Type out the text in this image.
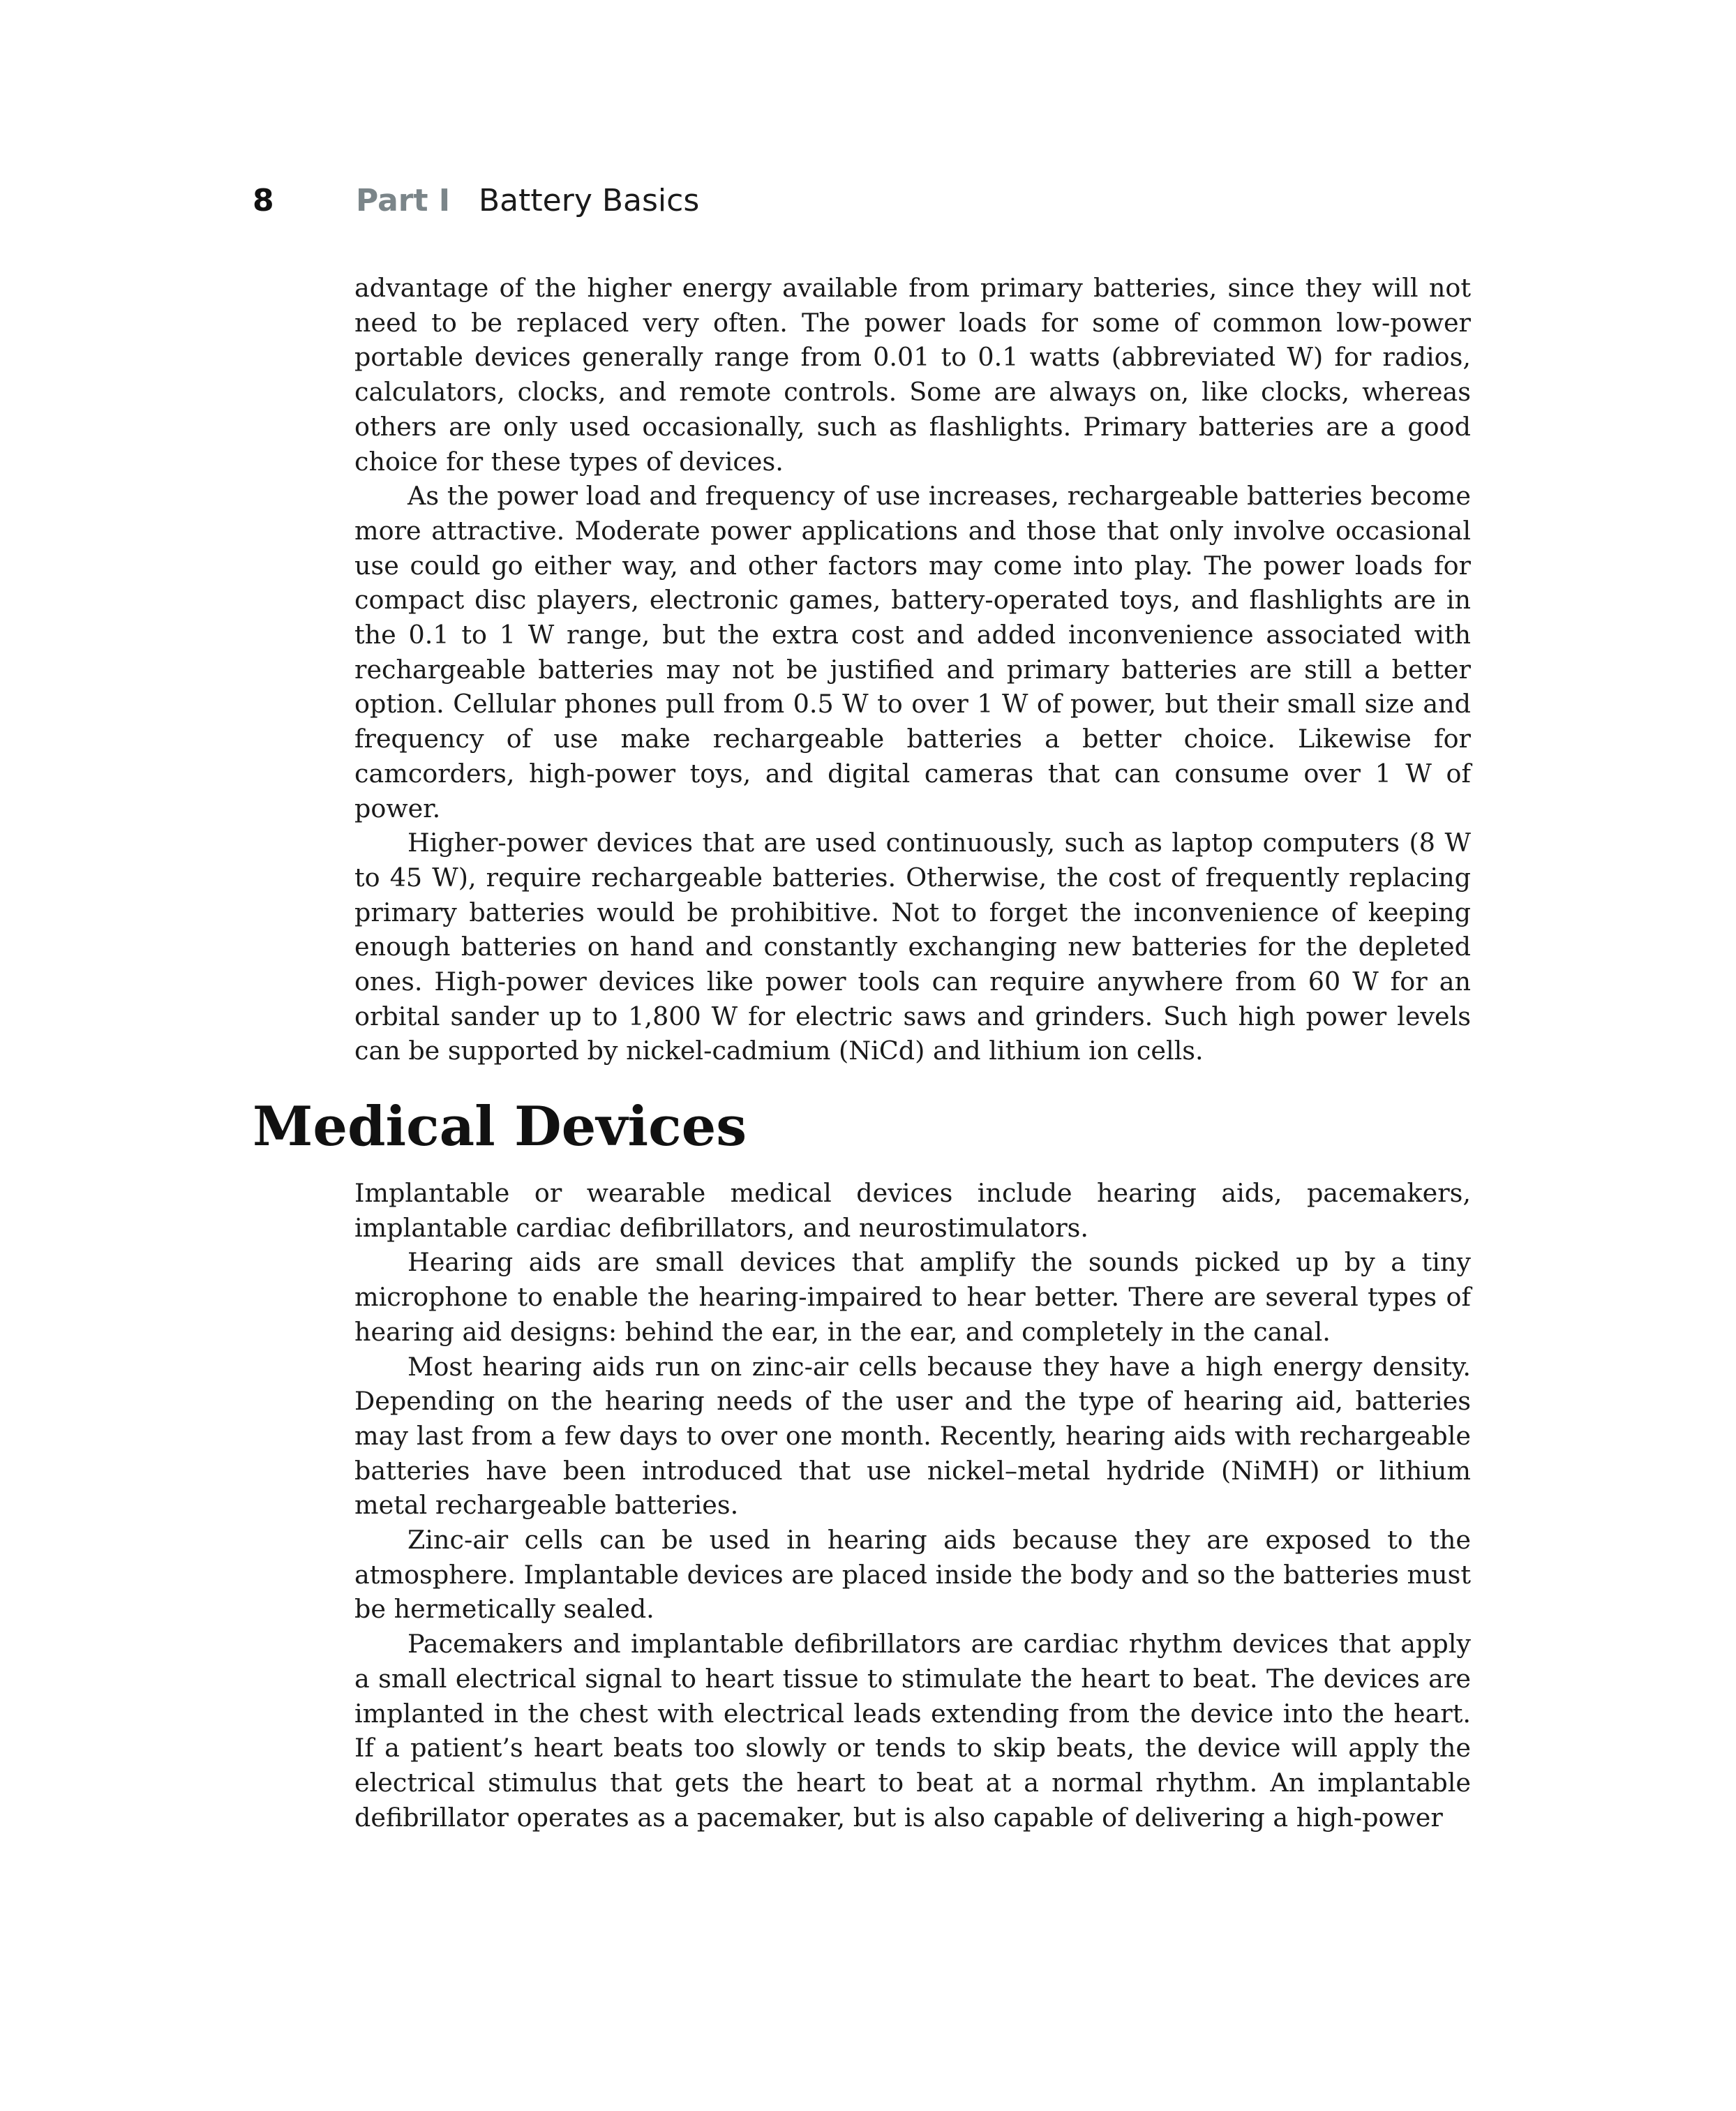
8	Part I Battery Basics

advantage of the higher energy available from primary batteries, since they will not need to be replaced very often. The power loads for some of common low-power portable devices generally range from 0.01 to 0.1 watts (abbreviated W) for radios, calculators, clocks, and remote controls. Some are always on, like clocks, whereas others are only used occasionally, such as flashlights. Primary batteries are a good choice for these types of devices.

As the power load and frequency of use increases, rechargeable batteries become more attractive. Moderate power applications and those that only involve occasional use could go either way, and other factors may come into play. The power loads for compact disc players, electronic games, battery-operated toys, and flashlights are in the 0.1 to 1 W range, but the extra cost and added inconvenience associated with rechargeable batteries may not be justified and primary batteries are still a better option. Cellular phones pull from 0.5 W to over 1 W of power, but their small size and frequency of use make rechargeable batteries a better choice. Likewise for camcorders, high-power toys, and digital cameras that can consume over 1 W of power.

Higher-power devices that are used continuously, such as laptop computers (8 W to 45 W), require rechargeable batteries. Otherwise, the cost of frequently replacing primary batteries would be prohibitive. Not to forget the inconvenience of keeping enough batteries on hand and constantly exchanging new batteries for the depleted ones. High-power devices like power tools can require anywhere from 60 W for an orbital sander up to 1,800 W for electric saws and grinders. Such high power levels can be supported by nickel-cadmium (NiCd) and lithium ion cells.

Medical Devices

Implantable or wearable medical devices include hearing aids, pacemakers, implantable cardiac defibrillators, and neurostimulators.

Hearing aids are small devices that amplify the sounds picked up by a tiny microphone to enable the hearing-impaired to hear better. There are several types of hearing aid designs: behind the ear, in the ear, and completely in the canal.

Most hearing aids run on zinc-air cells because they have a high energy density. Depending on the hearing needs of the user and the type of hearing aid, batteries may last from a few days to over one month. Recently, hearing aids with rechargeable batteries have been introduced that use nickel–metal hydride (NiMH) or lithium metal rechargeable batteries.

Zinc-air cells can be used in hearing aids because they are exposed to the atmosphere. Implantable devices are placed inside the body and so the batteries must be hermetically sealed.

Pacemakers and implantable defibrillators are cardiac rhythm devices that apply a small electrical signal to heart tissue to stimulate the heart to beat. The devices are implanted in the chest with electrical leads extending from the device into the heart. If a patient’s heart beats too slowly or tends to skip beats, the device will apply the electrical stimulus that gets the heart to beat at a normal rhythm. An implantable defibrillator operates as a pacemaker, but is also capable of delivering a high-power
